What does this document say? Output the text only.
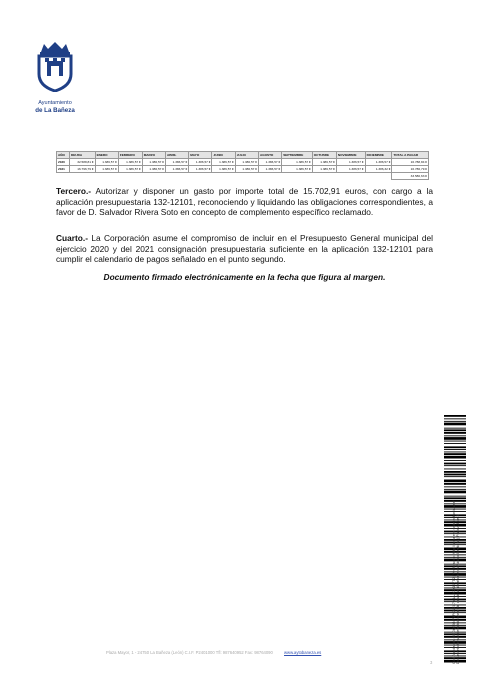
Ayuntamiento
de La Bañeza
AÑO	DEUDA	ENERO	FEBRERO	MARZO	ABRIL	MAYO	JUNIO	JULIO	AGOSTO	SEPTIEMBRE	OCTUBRE	NOVIEMBRE	DICIEMBRE	TOTAL A PAGAR
2020	32.588,81 €	1.386,57 €	1.386,57 €	1.386,57 €	1.386,57 €	1.386,57 €	1.386,57 €	1.386,57 €	1.386,57 €	1.386,57 €	1.386,57 €	1.386,57 €	1.386,57 €	16.788,84 €
2021	16.796,79 €	1.386,57 €	1.386,57 €	1.386,57 €	1.386,57 €	1.386,57 €	1.386,57 €	1.386,57 €	1.386,57 €	1.386,57 €	1.386,57 €	1.386,57 €	1.386,32 €	16.786,79 €
														33.580,63 €
Tercero.- Autorizar y disponer un gasto por importe total de 15.702,91 euros, con cargo a la aplicación presupuestaria 132-12101, reconociendo y liquidando las obligaciones correspondientes, a favor de D. Salvador Rivera Soto en concepto de complemento específico reclamado.
Cuarto.- La Corporación asume el compromiso de incluir en el Presupuesto General municipal del ejercicio 2020 y del 2021 consignación presupuestaria suficiente en la aplicación 132-12101 para cumplir el calendario de pagos señalado en el punto segundo.
Documento firmado electrónicamente en la fecha que figura al margen.
Cód. Validación: 6EDQ6ANP3FCN2X7Y4AJX2CDYT2 | Verificación: http://labaneza.sedelectronica.es/ Documento firmado electrónicamente desde la plataforma esPublico Gestiona | Página 3 de 3
Plaza Mayor, 1 - 24750 La Bañeza (León) C.I.F. P2401000 Tfl: 987640952 Fax: 98764090	www.aytobaneza.es
3
